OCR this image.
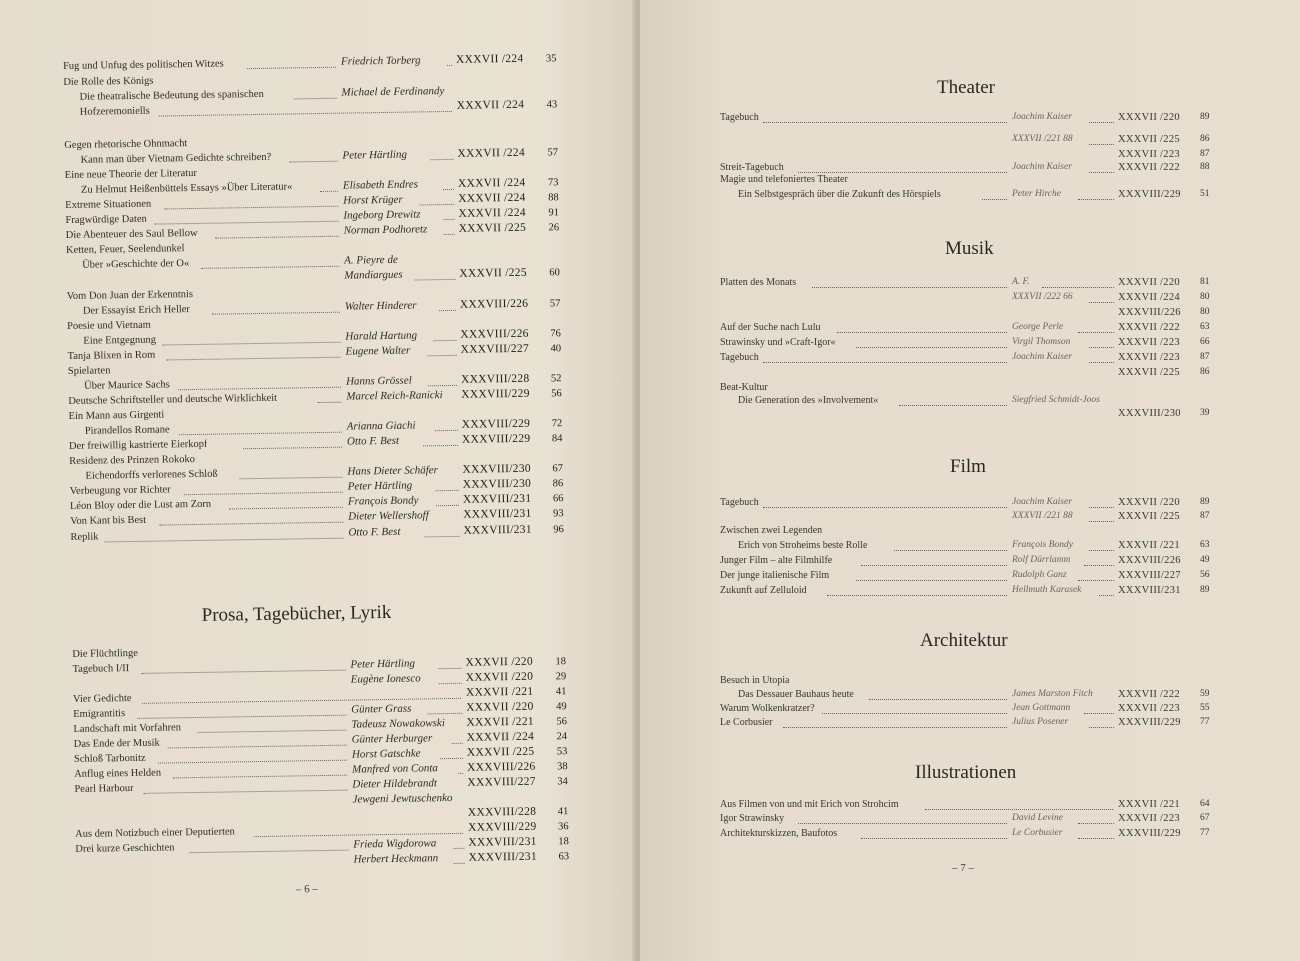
Fug und Unfug des politischen Witzes	Friedrich Torberg	XXXVII /224 35
Die Rolle des Königs
Die theatralische Bedeutung des spanischen	Michael de Ferdinandy
Hofzeremoniells	XXXVII /224 43
Gegen rhetorische Ohnmacht
Kann man über Vietnam Gedichte schreiben?	Peter Härtling	XXXVII /224 57
Eine neue Theorie der Literatur
Zu Helmut Heißenbüttels Essays »Über Literatur«	Elisabeth Endres	XXXVII /224 73
Extreme Situationen	Horst Krüger	XXXVII /224 88
Fragwürdige Daten	Ingeborg Drewitz	XXXVII /224 91
Die Abenteuer des Saul Bellow	Norman Podhoretz	XXXVII /225 26
Ketten, Feuer, Seelendunkel
Über »Geschichte der O«	A. Pieyre de
Mandiargues	XXXVII /225 60
Vom Don Juan der Erkenntnis
Der Essayist Erich Heller	Walter Hinderer	XXXVIII/226 57
Poesie und Vietnam
Eine Entgegnung	Harald Hartung	XXXVIII/226 76
Tanja Blixen in Rom	Eugene Walter	XXXVIII/227 40
Spielarten
Über Maurice Sachs	Hanns Grössel	XXXVIII/228 52
Deutsche Schriftsteller und deutsche Wirklichkeit	Marcel Reich-Ranicki XXXVIII/229 56
Ein Mann aus Girgenti
Pirandellos Romane	Arianna Giachi	XXXVIII/229 72
Der freiwillig kastrierte Eierkopf	Otto F. Best	XXXVIII/229 84
Residenz des Prinzen Rokoko
Eichendorffs verlorenes Schloß	Hans Dieter Schäfer XXXVIII/230 67
Verbeugung vor Richter	Peter Härtling	XXXVIII/230 86
Léon Bloy oder die Lust am Zorn	François Bondy	XXXVIII/231 66
Von Kant bis Best	Dieter Wellershoff	XXXVIII/231 93
Replik	Otto F. Best	XXXVIII/231 96
Prosa, Tagebücher, Lyrik
Die Flüchtlinge
Tagebuch I/II	Peter Härtling	XXXVII /220 18
Eugène Ionesco	XXXVII /220 29
Vier Gedichte
XXXVII /221 41
Emigrantitis	Günter Grass	XXXVII /220 49
Landschaft mit Vorfahren	Tadeusz Nowakowski XXXVII /221 56
Das Ende der Musik	Günter Herburger	XXXVII /224 24
Schloß Tarbonitz	Horst Gatschke	XXXVII /225 53
Anflug eines Helden	Manfred von Conta	XXXVIII/226 38
Pearl Harbour	Dieter Hildebrandt	XXXVIII/227 34
Jewgeni Jewtuschenko
XXXVIII/228 41
Aus dem Notizbuch einer Deputierten	XXXVIII/229 36
Drei kurze Geschichten	Frieda Wigdorowa	XXXVIII/231 18
Herbert Heckmann	XXXVIII/231 63
– 6 –
Theater
Tagebuch	Joachim Kaiser	XXXVII /220 89
XXXVII /221 88	XXXVII /225 86
XXXVII /223 87
Streit-Tagebuch	Joachim Kaiser	XXXVII /222 88
Magie und telefoniertes Theater
Ein Selbstgespräch über die Zukunft des Hörspiels	Peter Hirche	XXXVIII/229 51
Musik
Platten des Monats	A. F.	XXXVII /220 81
XXXVII /222 66	XXXVII /224 80
XXXVIII/226 80
Auf der Suche nach Lulu	George Perle	XXXVII /222 63
Strawinsky und »Craft-Igor«	Virgil Thomson	XXXVII /223 66
Tagebuch	Joachim Kaiser	XXXVII /223 87
XXXVII /225 86
Beat-Kultur
Die Generation des »Involvement«	Siegfried Schmidt-Joos
XXXVIII/230 39
Film
Tagebuch	Joachim Kaiser	XXXVII /220 89
XXXVII /221 88	XXXVII /225 87
Zwischen zwei Legenden
Erich von Stroheims beste Rolle	François Bondy	XXXVII /221 63
Junger Film – alte Filmhilfe	Rolf Dürrlamm	XXXVIII/226 49
Der junge italienische Film	Rudolph Ganz	XXXVIII/227 56
Zukunft auf Zelluloid	Hellmuth Karasek	XXXVIII/231 89
Architektur
Besuch in Utopia
Das Dessauer Bauhaus heute	James Marston Fitch XXXVII /222 59
Warum Wolkenkratzer?	Jean Gottmann	XXXVII /223 55
Le Corbusier	Julius Posener	XXXVIII/229 77
Illustrationen
Aus Filmen von und mit Erich von Strohcim	XXXVII /221 64
Igor Strawinsky	David Levine	XXXVII /223 67
Architekturskizzen, Baufotos	Le Corbusier	XXXVIII/229 77
– 7 –
